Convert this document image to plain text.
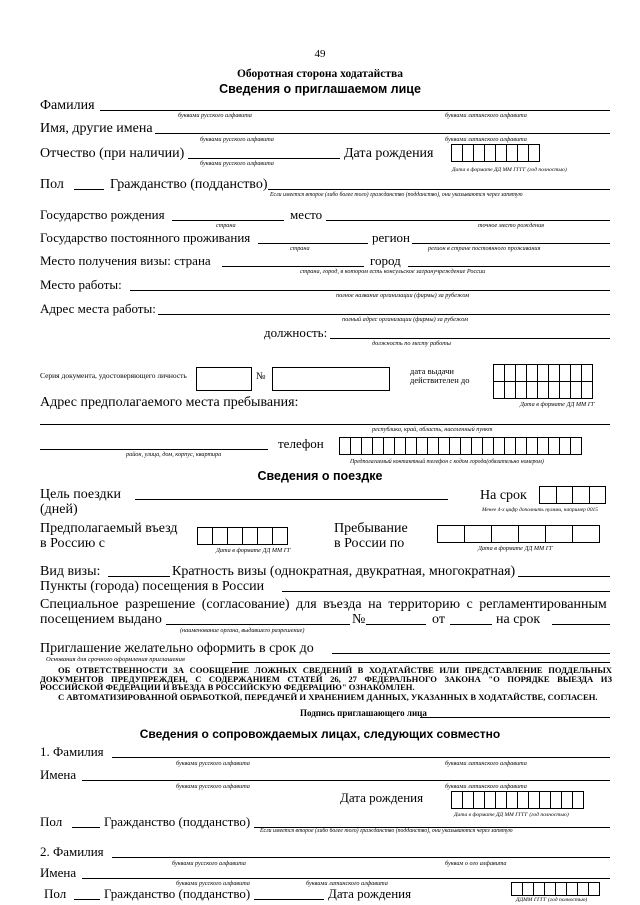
49
Оборотная сторона ходатайства
Сведения о приглашаемом лице
Фамилия
буквами русского алфавита	буквами латинского алфавита
Имя, другие имена
буквами русского алфавита	буквами латинского алфавита
Отчество (при наличии)	Дата рождения
буквами русского алфавита
Дата в формате ДД ММ ГГГГ (год полностью)
Пол	Гражданство (подданство)
Если имеется второе (либо более того) гражданство (подданство), они указываются через запятую
Государство рождения	место
страна	точное место рождения
Государство постоянного проживания	регион
страна	регион в стране постоянного проживания
Место получения визы: страна	город
страна, город, в котором есть консульское загранучреждение России
Место работы:
полное название организации (фирмы) за рубежом
Адрес места работы:
полный адрес организации (фирмы) за рубежом
должность:
должность по месту работы
Серия документа, удостоверяющего личность	№	дата выдачи
действителен до
Дата в формате ДД ММ ГГ
Адрес предполагаемого места пребывания:
республика, край, область, населенный пункт
район, улица, дом, корпус, квартира
телефон
Предполагаемый контактный телефон с кодом города(обязательно номером)
Сведения о поездке
Цель поездки
(дней)
На срок
Менее 4-х цифр дополнить нулями, например 0015
Предполагаемый въезд
в Россию с	Дата в формате ДД ММ ГГ
Пребывание
в России по	Дата в формате ДД ММ ГГ
Вид визы:	Кратность визы (однократная, двукратная, многократная)
Пункты (города) посещения в России
Специальное разрешение (согласование) для въезда на территорию с регламентированным
посещением выдано	№	от	на срок
(наименование органа, выдавшего разрешение)
Приглашение желательно оформить в срок до
Основания для срочного оформления приглашения
ОБ ОТВЕТСТВЕННОСТИ ЗА СООБЩЕНИЕ ЛОЖНЫХ СВЕДЕНИЙ В ХОДАТАЙСТВЕ ИЛИ ПРЕДСТАВЛЕНИЕ ПОДДЕЛЬНЫХ ДОКУМЕНТОВ ПРЕДУПРЕЖДЕН, С СОДЕРЖАНИЕМ СТАТЕЙ 26, 27 ФЕДЕРАЛЬНОГО ЗАКОНА "О ПОРЯДКЕ ВЫЕЗДА ИЗ РОССИЙСКОЙ ФЕДЕРАЦИИ И ВЪЕЗДА В РОССИЙСКУЮ ФЕДЕРАЦИЮ" ОЗНАКОМЛЕН.
С АВТОМАТИЗИРОВАННОЙ ОБРАБОТКОЙ, ПЕРЕДАЧЕЙ И ХРАНЕНИЕМ ДАННЫХ, УКАЗАННЫХ В ХОДАТАЙСТВЕ, СОГЛАСЕН.
Подпись приглашающего лица
Сведения о сопровождаемых лицах, следующих совместно
1. Фамилия
буквами русского алфавита	буквами латинского алфавита
Имена
буквами русского алфавита	буквами латинского алфавита
Дата рождения
Дата в формате ДД ММ ГГГГ (год полностью)
Пол	Гражданство (подданство)
Если имеется второе (либо более того) гражданство (подданство), они указываются через запятую
2. Фамилия
буквами русского алфавита	буквам о ого алфавита
Имена
буквами русского алфавита	буквами латинского алфавита
Пол	Гражданство (подданство)	Дата рождения	ДДММ ГГГГ (год полностью)
